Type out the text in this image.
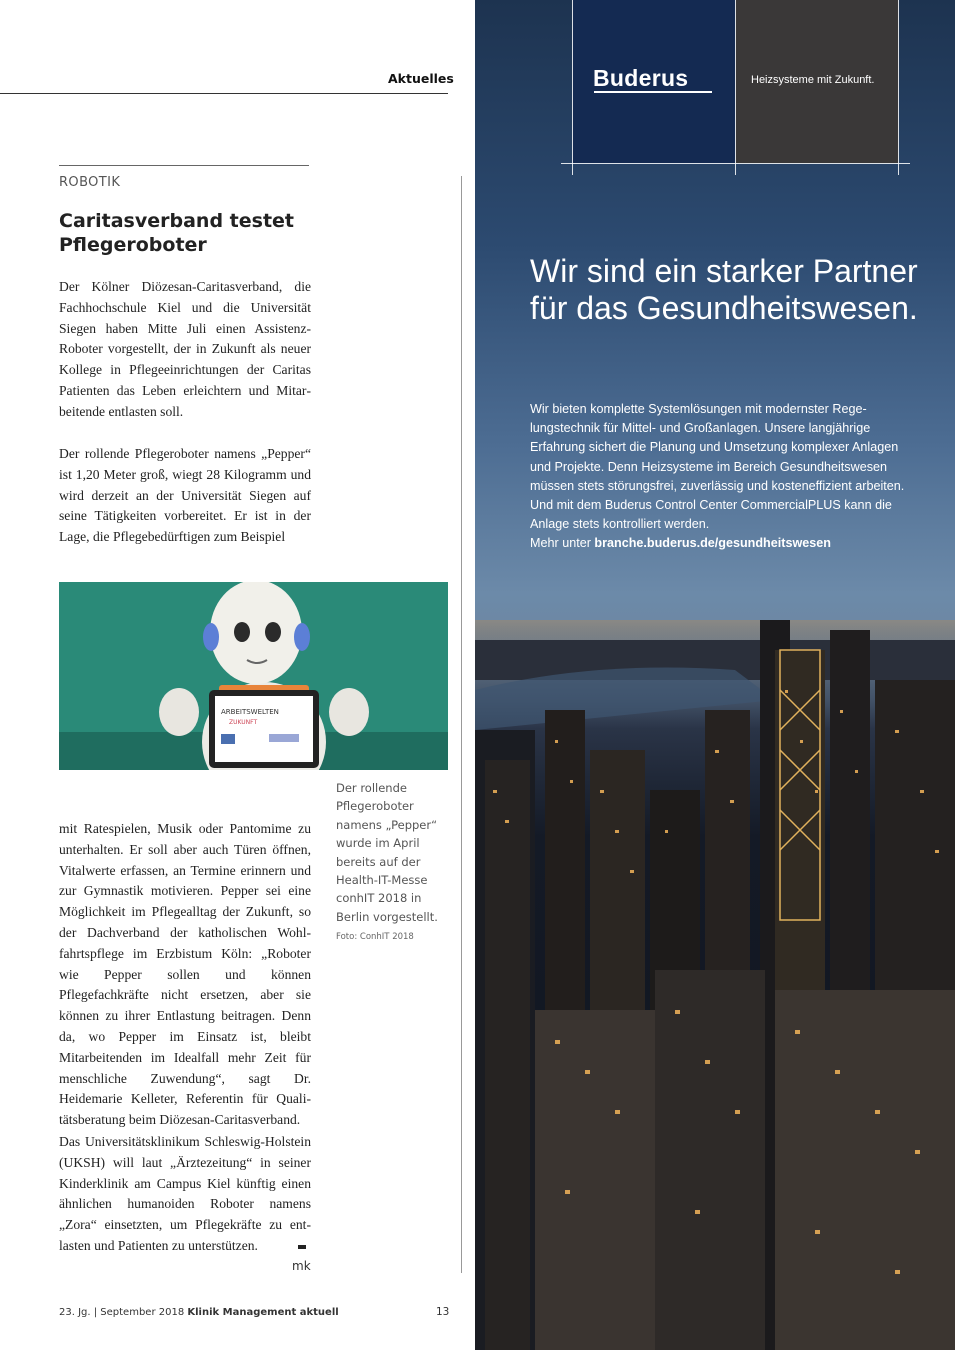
Aktuelles
ROBOTIK
Caritasverband testet Pflegeroboter

Der Kölner Diözesan-Caritasverband, die Fachhochschule Kiel und die Universität Siegen haben Mitte Juli einen Assistenz-Roboter vorgestellt, der in Zukunft als neuer Kollege in Pflegeeinrichtungen der Caritas Patienten das Leben erleichtern und Mitarbeitende entlasten soll.

Der rollende Pflegeroboter namens „Pepper“ ist 1,20 Meter groß, wiegt 28 Kilogramm und wird derzeit an der Universität Siegen auf seine Tätigkeiten vorbereitet. Er ist in der Lage, die Pflegebedürftigen zum Beispiel

ARBEITSWELTEN
ZUKUNFT
Der rollende Pflegeroboter namens „Pepper“ wurde im April bereits auf der Health-IT-Messe conhIT 2018 in Berlin vorgestellt.
Foto: ConhIT 2018

mit Ratespielen, Musik oder Pantomime zu unterhalten. Er soll aber auch Türen öffnen, Vitalwerte erfassen, an Termine erinnern und zur Gymnastik motivieren. Pepper sei eine Möglichkeit im Pflegealltag der Zukunft, so der Dachverband der katholischen Wohlfahrtspflege im Erzbistum Köln: „Roboter wie Pepper sollen und können Pflegefachkräfte nicht ersetzen, aber sie können zu ihrer Entlastung beitragen. Denn da, wo Pepper im Einsatz ist, bleibt Mitarbeitenden im Idealfall mehr Zeit für menschliche Zuwendung“, sagt Dr. Heidemarie Kelleter, Referentin für Qualitätsberatung beim Diözesan-Caritasverband.

Das Universitätsklinikum Schleswig-Holstein (UKSH) will laut „Ärztezeitung“ in seiner Kinderklinik am Campus Kiel künftig einen ähnlichen humanoiden Roboter namens „Zora“ einsetzten, um Pflegekräfte zu entlasten und Patienten zu unterstützen.

mk
23. Jg. | September 2018 Klinik Management aktuell	13
Buderus	Heizsysteme mit Zukunft.
Wir sind ein starker Partner für das Gesundheitswesen.

Wir bieten komplette Systemlösungen mit modernster Regelungstechnik für Mittel- und Großanlagen. Unsere langjährige Erfahrung sichert die Planung und Umsetzung komplexer Anlagen und Projekte. Denn Heizsysteme im Bereich Gesundheitswesen müssen stets störungsfrei, zuverlässig und kosteneffizient arbeiten. Und mit dem Buderus Control Center CommercialPLUS kann die Anlage stets kontrolliert werden.
Mehr unter branche.buderus.de/gesundheitswesen
